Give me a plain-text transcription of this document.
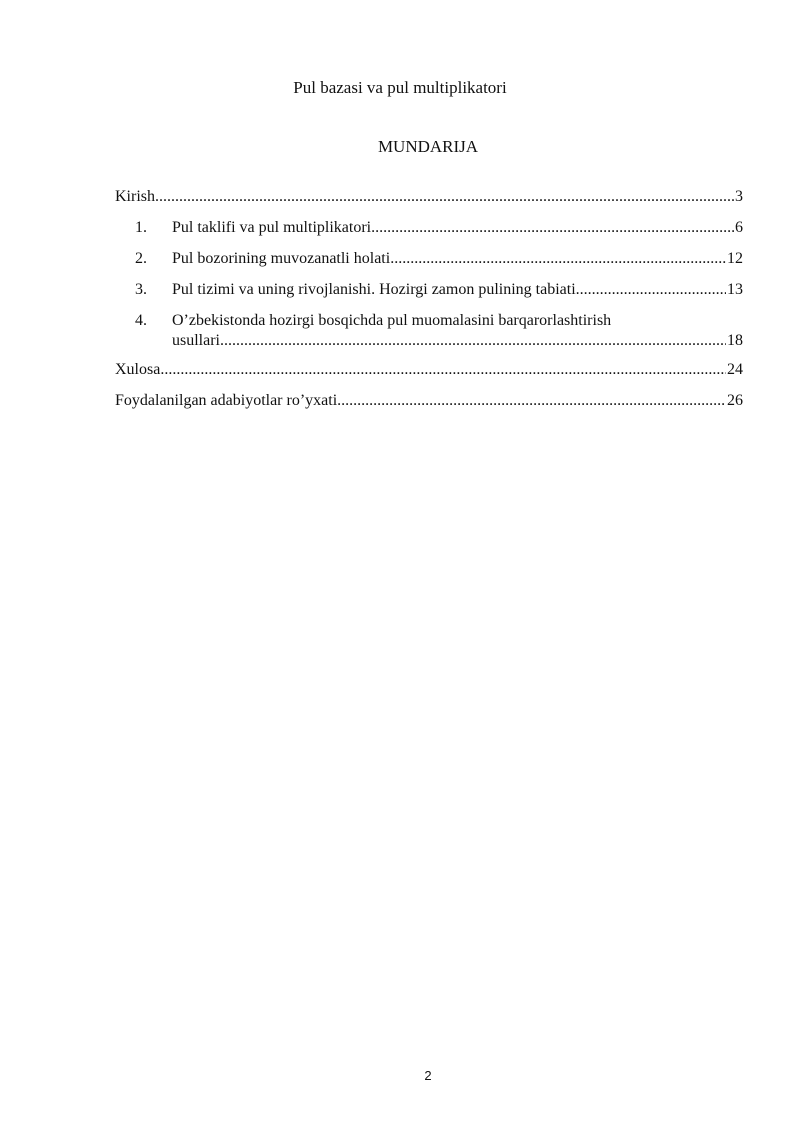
Pul bazasi va pul multiplikatori
MUNDARIJA
Kirish .....	3
1.	Pul taklifi va pul multiplikatori .....	6
2.	Pul bozorining muvozanatli holati .....	12
3.	Pul tizimi va uning rivojlanishi. Hozirgi zamon pulining tabiati .....	13
4.	O’zbekistonda hozirgi bosqichda pul muomalasini barqarorlashtirish
usullari .....	18
Xulosa .....	24
Foydalanilgan adabiyotlar ro’yxati .....	26
2
